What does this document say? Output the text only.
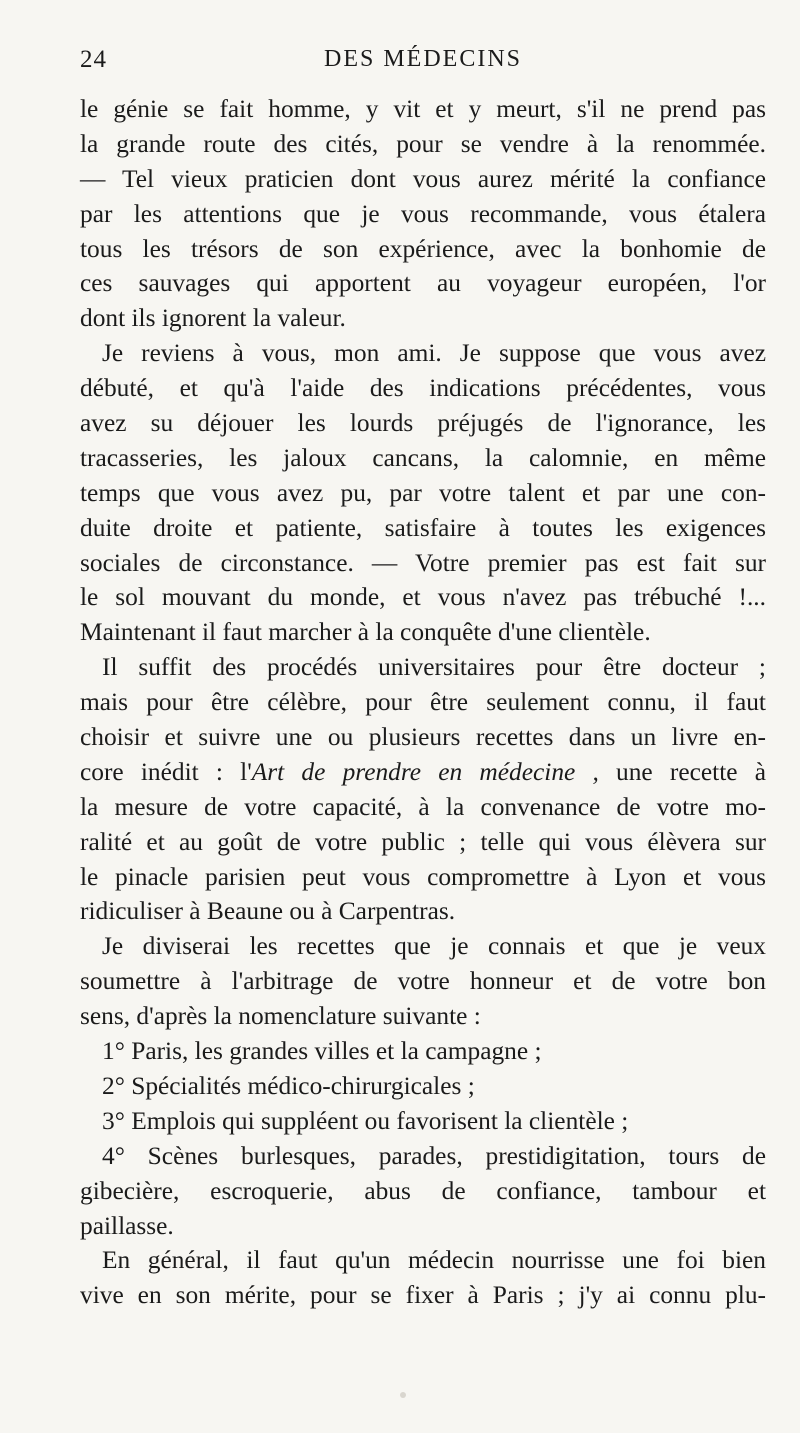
24	DES MÉDECINS
le génie se fait homme, y vit et y meurt, s'il ne prend pas
la grande route des cités, pour se vendre à la renommée.
— Tel vieux praticien dont vous aurez mérité la confiance
par les attentions que je vous recommande, vous étalera
tous les trésors de son expérience, avec la bonhomie de
ces sauvages qui apportent au voyageur européen, l'or
dont ils ignorent la valeur.
Je reviens à vous, mon ami. Je suppose que vous avez
débuté, et qu'à l'aide des indications précédentes, vous
avez su déjouer les lourds préjugés de l'ignorance, les
tracasseries, les jaloux cancans, la calomnie, en même
temps que vous avez pu, par votre talent et par une con-
duite droite et patiente, satisfaire à toutes les exigences
sociales de circonstance. — Votre premier pas est fait sur
le sol mouvant du monde, et vous n'avez pas trébuché !...
Maintenant il faut marcher à la conquête d'une clientèle.
Il suffit des procédés universitaires pour être docteur ;
mais pour être célèbre, pour être seulement connu, il faut
choisir et suivre une ou plusieurs recettes dans un livre en-
core inédit : l'Art de prendre en médecine , une recette à
la mesure de votre capacité, à la convenance de votre mo-
ralité et au goût de votre public ; telle qui vous élèvera sur
le pinacle parisien peut vous compromettre à Lyon et vous
ridiculiser à Beaune ou à Carpentras.
Je diviserai les recettes que je connais et que je veux
soumettre à l'arbitrage de votre honneur et de votre bon
sens, d'après la nomenclature suivante :
1° Paris, les grandes villes et la campagne ;
2° Spécialités médico-chirurgicales ;
3° Emplois qui suppléent ou favorisent la clientèle ;
4° Scènes burlesques, parades, prestidigitation, tours de
gibecière, escroquerie, abus de confiance, tambour et
paillasse.
En général, il faut qu'un médecin nourrisse une foi bien
vive en son mérite, pour se fixer à Paris ; j'y ai connu plu-
